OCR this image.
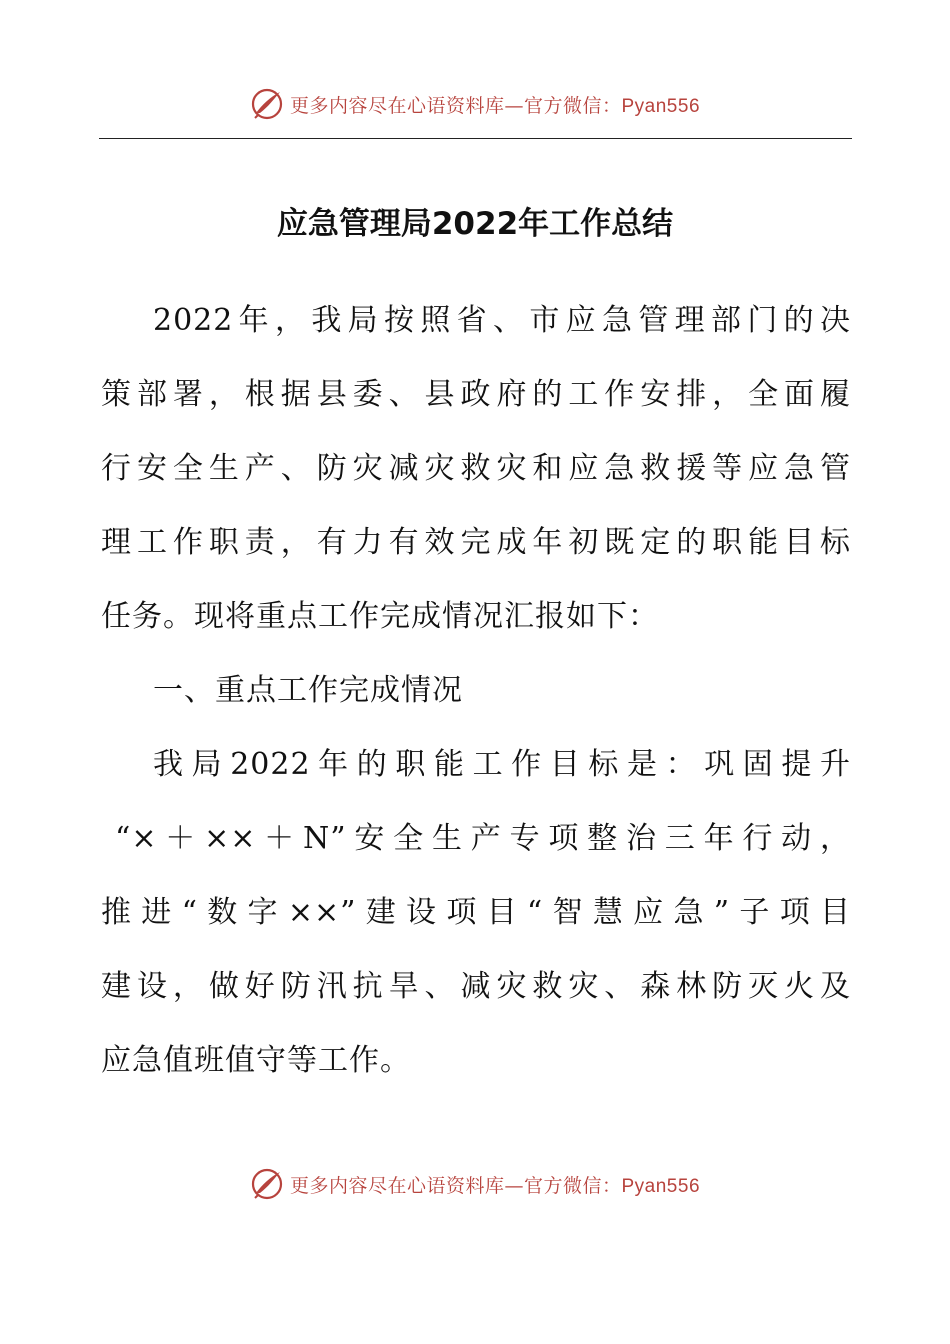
更多内容尽在心语资料库—官方微信：Pyan556
应急管理局2022年工作总结
2022年，我局按照省、市应急管理部门的决
策部署，根据县委、县政府的工作安排，全面履
行安全生产、防灾减灾救灾和应急救援等应急管
理工作职责，有力有效完成年初既定的职能目标
任务。现将重点工作完成情况汇报如下：
一、重点工作完成情况
我局2022年的职能工作目标是：巩固提升
“×＋××＋N”安全生产专项整治三年行动，
推进“数字××”建设项目“智慧应急”子项目
建设，做好防汛抗旱、减灾救灾、森林防灭火及
应急值班值守等工作。
更多内容尽在心语资料库—官方微信：Pyan556
